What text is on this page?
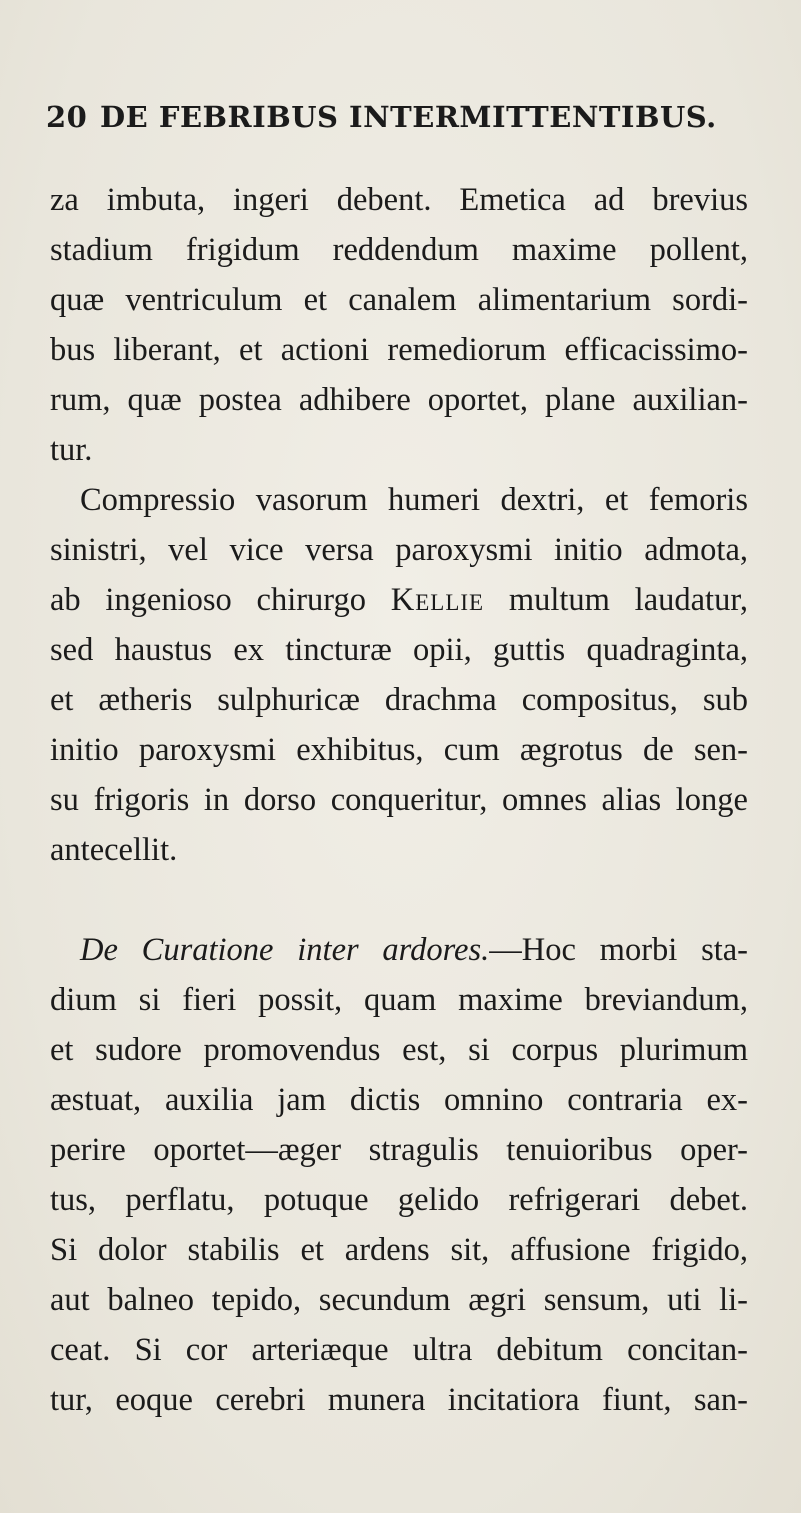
20 DE FEBRIBUS INTERMITTENTIBUS.
za imbuta, ingeri debent. Emetica ad brevius
stadium frigidum reddendum maxime pollent,
quæ ventriculum et canalem alimentarium sordi-
bus liberant, et actioni remediorum efficacissimo-
rum, quæ postea adhibere oportet, plane auxilian-
tur.
Compressio vasorum humeri dextri, et femoris
sinistri, vel vice versa paroxysmi initio admota,
ab ingenioso chirurgo Kellie multum laudatur,
sed haustus ex tincturæ opii, guttis quadraginta,
et ætheris sulphuricæ drachma compositus, sub
initio paroxysmi exhibitus, cum ægrotus de sen-
su frigoris in dorso conqueritur, omnes alias longe
antecellit.
De Curatione inter ardores.—Hoc morbi sta-
dium si fieri possit, quam maxime breviandum,
et sudore promovendus est, si corpus plurimum
æstuat, auxilia jam dictis omnino contraria ex-
perire oportet—æger stragulis tenuioribus oper-
tus, perflatu, potuque gelido refrigerari debet.
Si dolor stabilis et ardens sit, affusione frigido,
aut balneo tepido, secundum ægri sensum, uti li-
ceat. Si cor arteriæque ultra debitum concitan-
tur, eoque cerebri munera incitatiora fiunt, san-
